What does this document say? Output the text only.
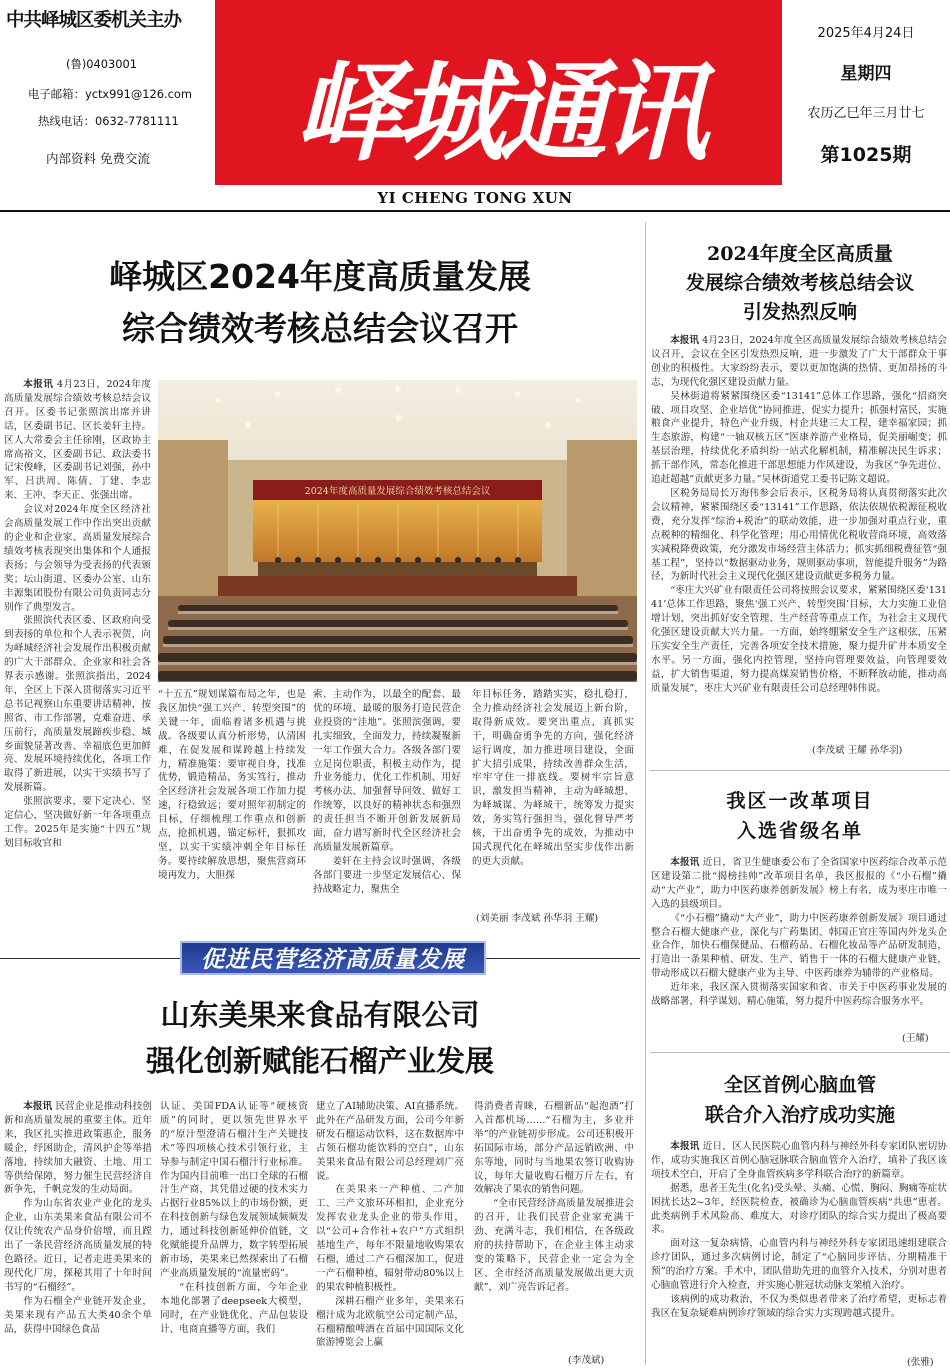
中共峄城区委机关主办
(鲁)0403001
电子邮箱：yctx991@126.com
热线电话：0632-7781111
内部资料 免费交流	峄城通讯
2025年4月24日
星期四
农历乙巳年三月廿七
第1025期
YI CHENG TONG XUN
峄城区2024年度高质量发展
综合绩效考核总结会议召开
2024年度高质量发展综合绩效考核总结会议

本报讯 4月23日，2024年度高质量发展综合绩效考核总结会议召开。区委书记张照滨出席并讲话，区委副书记、区长姜轩主持。区人大常委会主任徐刚，区政协主席高裕文，区委副书记、政法委书记宋俊峰，区委副书记刘强，孙中军、吕洪周、陈倩、丁建、李忠来、王冲、李天正、张强出席。

会议对2024年度全区经济社会高质量发展工作中作出突出贡献的企业和企业家、高质量发展综合绩效考核表现突出集体和个人通报表扬；与会领导为受表扬的代表颁奖；坛山街道、区委办公室、山东丰源集团股份有限公司负责同志分别作了典型发言。

张照滨代表区委、区政府向受到表扬的单位和个人表示祝贺，向为峄城经济社会发展作出积极贡献的广大干部群众、企业家和社会各界表示感谢。张照滨指出，2024年，全区上下深入贯彻落实习近平总书记视察山东重要讲话精神，按照省、市工作部署，克难奋进、承压前行，高质量发展蹄疾步稳、城乡面貌显著改善、幸福底色更加鲜亮、发展环境持续优化，各项工作取得了新进展，以实干实绩书写了发展新篇。

张照滨要求，要下定决心、坚定信心，坚决做好新一年各项重点工作。2025年是实施“十四五”规划目标收官和

“十五五”规划谋篇布局之年，也是我区加快“强工兴产、转型突围”的关键一年，面临着诸多机遇与挑战。各级要认真分析形势，认清困难，在促发展和谋跨越上持续发力，精准施策：要审视自身，找准优势，锻造精品，务实笃行，推动全区经济社会发展各项工作加力提速，行稳致远；要对照年初制定的目标，仔细梳理工作重点和创新点，抢抓机遇，锚定标杆，狠抓攻坚，以实干实绩冲刺全年目标任务。要持续解放思想，聚焦营商环境再发力，大胆探

索、主动作为，以最全的配套、最优的环境、最暖的服务打造民营企业投资的“洼地”。张照滨强调，要扎实细致，全面发力，持续凝聚新一年工作强大合力。各级各部门要立足岗位职责，积极主动作为，提升业务能力、优化工作机制、用好考核办法、加强督导问效、做好工作统筹，以良好的精神状态和强烈的责任担当不断开创新发展新局面，奋力谱写新时代全区经济社会高质量发展新篇章。

姜轩在主持会议时强调，各级各部门要进一步坚定发展信心、保持战略定力，聚焦全

年目标任务，踏踏实实，稳扎稳打，全力推动经济社会发展迈上新台阶，取得新成效。要突出重点，真抓实干，明确奋勇争先的方向，强化经济运行调度，加力推进项目建设，全面扩大招引成果，持续改善群众生活，牢牢守住一排底线。要树牢宗旨意识，激发担当精神，主动为峄城想、为峄城谋、为峄城干，统筹发力提实效，务实笃行强担当，强化督导严考核，干出奋勇争先的成效，为推动中国式现代化在峄城出坚实步伐作出新的更大贡献。

(刘美丽 李茂斌 孙华羽 王耀)
促进民营经济高质量发展
山东美果来食品有限公司
强化创新赋能石榴产业发展

本报讯 民营企业是推动科技创新和高质量发展的重要主体。近年来，我区扎实推进政策惠企，服务暖企，纾困助企，清风护企等举措落地，持续加大融资、土地、用工等供给保障，努力催生民营经济自新争先，千帆竞发的生动局面。

作为山东省农业产业化的龙头企业，山东美果来食品有限公司不仅让传统农产品身价倍增，而且蹚出了一条民营经济高质量发展的特色路径。近日，记者走进美果来的现代化厂房，探秘其用了十年时间书写的“石榴经”。

作为石榴全产业链开发企业，美果来现有产品五大类40余个单品，获得中国绿色食品

认证、美国FDA认证等“硬核资质”的同时，更以领先世界水平的“原汁型澄清石榴汁生产关键技术”等四项核心技术引领行业，主导参与制定中国石榴汁行业标准。作为国内目前唯一出口全球的石榴汁生产商，其凭借过硬的技术实力占据行业85%以上的市场份额，更在科技创新与绿色发展领域频频发力，通过科技创新延伸价值链，文化赋能提升品牌力，数字转型拓展新市场，美果来已然探索出了石榴产业高质量发展的“流量密码”。

“在科技创新方面，今年企业本地化部署了deepseek大模型，同时，在产业链优化、产品包装设计、电商直播等方面，我们

建立了AI辅助决策、AI直播系统。此外在产品研发方面，公司今年新研发石榴运动饮料，这在数据库中占领石榴功能饮料的空白”，山东美果来食品有限公司总经理刘广亮说。

在美果来一产种植、二产加工、三产文旅环环相扣，企业充分发挥农业龙头企业的带头作用，以“公司+合作社+农户”方式组织基地生产，每年不限量地收购果农石榴，通过二产石榴深加工，促进一产石榴种植，辐射带动80%以上的果农种植积极性。

深耕石榴产业多年，美果来石榴汁成为北欧航空公司定制产品，石榴精酿啤酒在首届中国国际文化旅游博览会上赢

得消费者青睐，石榴新品“起泡酒”打入首都机场……“石榴为主，多业并举”的产业链初步形成。公司还积极开拓国际市场，部分产品远销欧洲、中东等地，同时与当地果农签订收购协议，每年大量收购石榴万斤左右，有效解决了果农的销售问题。

“全市民营经济高质量发展推进会的召开，让我们民营企业家充满干劲、充满斗志，我们相信，在各级政府的扶持帮助下，在企业主体主动求变的策略下，民营企业一定会为全区、全市经济高质量发展做出更大贡献”，刘广亮告诉记者。

(李茂斌)
2024年度全区高质量
发展综合绩效考核总结会议
引发热烈反响

本报讯 4月23日，2024年度全区高质量发展综合绩效考核总结会议召开，会议在全区引发热烈反响，进一步激发了广大干部群众干事创业的积极性。大家纷纷表示，要以更加饱满的热情、更加昂扬的斗志，为现代化强区建设贡献力量。

吴林街道将紧紧围绕区委“13141”总体工作思路，强化“招商突破、项目攻坚、企业培优”协同推进，促实力提升；抓强村富民，实施粮食产业提升，特色产业升级，村企共建三大工程，建幸福家园；抓生态旅游，构建“一轴双核五区”医康养游产业格局，促美丽崛变；抓基层治理，持续优化矛盾纠纷一站式化解机制，精准解决民生诉求；抓干部作风，常态化推进干部思想能力作风建设，为我区“争先进位、追赶超越”贡献更多力量。”吴林街道党工委书记陈文超说。

区税务局局长万海伟参会后表示，区税务局将认真贯彻落实此次会议精神，紧紧围绕区委“13141”工作思路，依法依规依税源征税收费，充分发挥“综治+税治”的联动效能，进一步加强对重点行业，重点税种的精细化、科学化管理；用心用情优化税收营商环境，高效落实减税降费政策，充分激发市场经营主体活力；抓实抓细税费征管“强基工程”，坚持以“数据驱动业务，规则驱动事项，智能提升服务”为路径，为新时代社会主义现代化强区建设贡献更多税务力量。

“枣庄大兴矿业有限责任公司将按照会议要求，紧紧围绕区委‘13141’总体工作思路，聚焦‘强工兴产、转型突围’目标，大力实施工业倍增计划，突出抓好安全管理、生产经营等重点工作，为社会主义现代化强区建设贡献大兴力量。一方面，始终绷紧安全生产这根弦，压紧压实安全生产责任，完善各项安全技术措施，聚力提升矿井本质安全水平。另一方面，强化内控管理，坚持向管理要效益，向管理要效益，扩大销售渠道，努力提高煤炭销售价格，不断释放动能，推动高质量发展”，枣庄大兴矿业有限责任公司总经理韩伟说。

(李茂斌 王耀 孙华羽)
我区一改革项目
入选省级名单

本报讯 近日，省卫生健康委公布了全省国家中医药综合改革示范区建设第二批“揭榜挂帅”改革项目名单，我区报报的《“小石榴”撬动“大产业”，助力中医药康养创新发展》榜上有名，成为枣庄市唯一入选的县级项目。

《“小石榴”撬动“大产业”，助力中医药康养创新发展》项目通过整合石榴大健康产业，深化与广药集团、韩国正官庄等国内外龙头企业合作，加快石榴保健品、石榴药品、石榴化妆品等产品研发制造，打造出一条果种植、研发、生产、销售于一体的石榴大健康产业链，带动形成以石榴大健康产业为主导、中医药康养为辅带的产业格局。

近年来，我区深入贯彻落实国家和省、市关于中医药事业发展的战略部署，科学谋划、精心施策，努力提升中医药综合服务水平。

(王耀)
全区首例心脑血管
联合介入治疗成功实施

本报讯 近日，区人民医院心血管内科与神经外科专家团队密切协作，成功实施我区首例心脑冠脉联合脑血管介入治疗，填补了我区该项技术空白，开启了全身血管疾病多学科联合治疗的新篇章。

据悉，患者王先生(化名)受头晕、头痛、心慌、胸闷、胸痛等症状困扰长达2~3年，经医院检查，被确诊为心脑血管疾病“共患”患者。此类病例手术风险高、难度大，对诊疗团队的综合实力提出了极高要求。

面对这一复杂病情，心血管内科与神经外科专家团迅速组建联合诊疗团队，通过多次病例讨论，制定了“心脑同步评估、分期精准干预”的治疗方案。手术中，团队借助先进的血管介入技术，分别对患者心脑血管进行介入检查，并实施心脏冠状动脉支架植入治疗。

该病例的成功救治，不仅为类似患者带来了治疗希望，更标志着我区在复杂疑难病例诊疗领域的综合实力实现跨越式提升。

(张雅)
